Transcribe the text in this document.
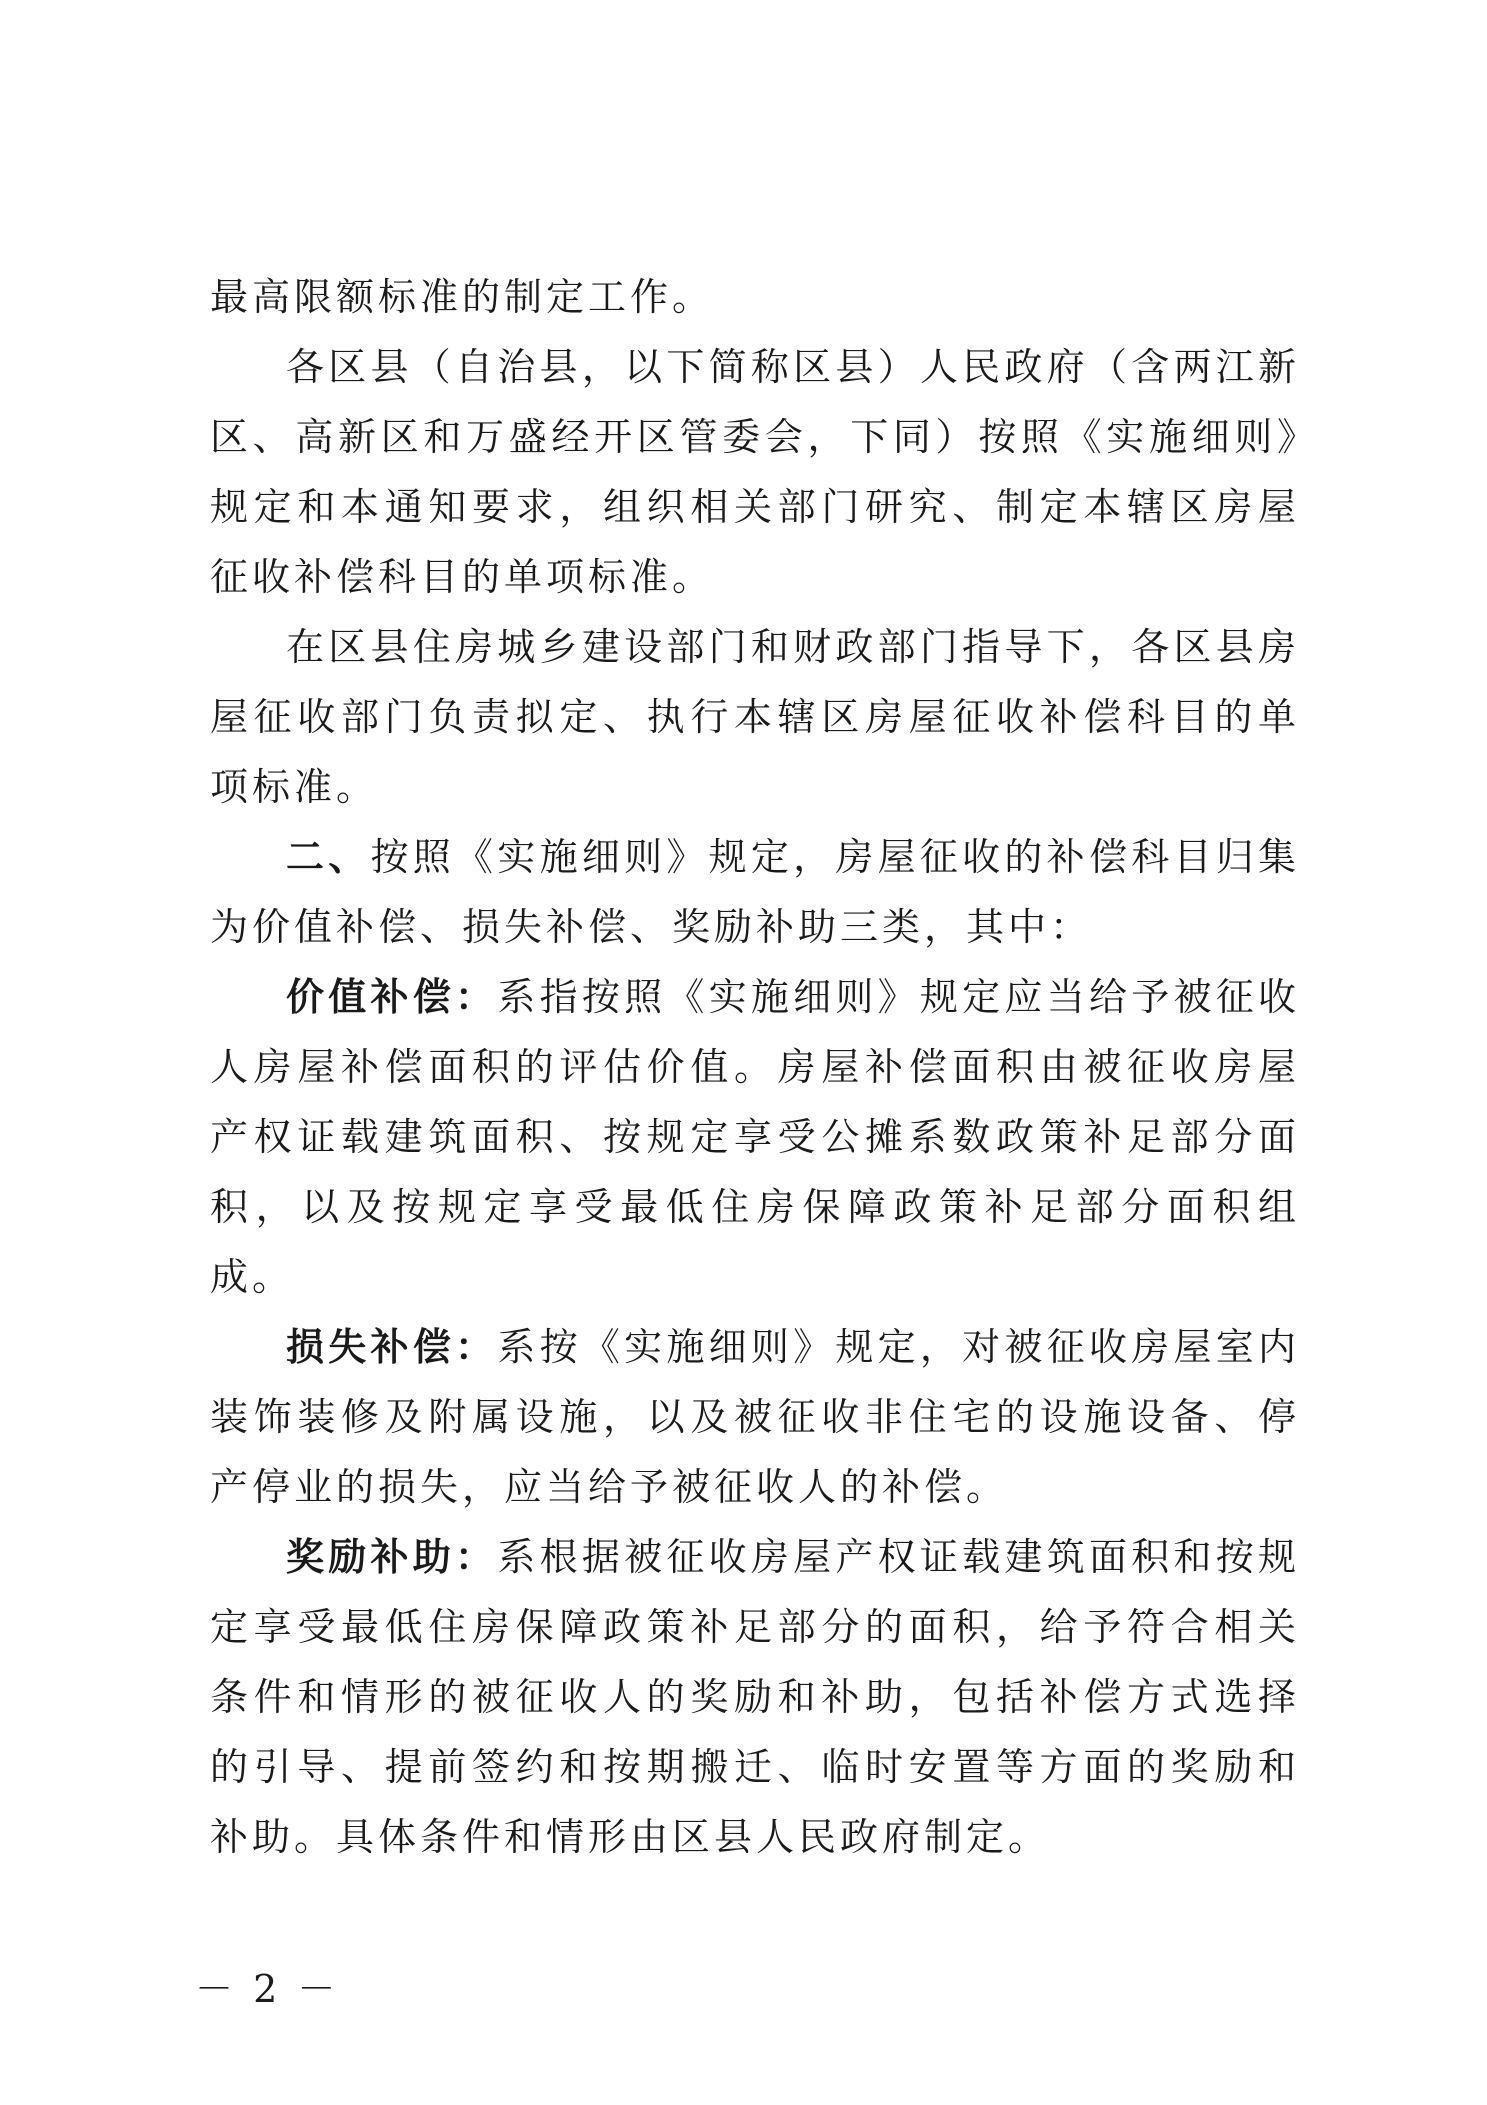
最高限额标准的制定工作。

各区县（自治县，以下简称区县）人民政府（含两江新区、高新区和万盛经开区管委会，下同）按照《实施细则》规定和本通知要求，组织相关部门研究、制定本辖区房屋征收补偿科目的单项标准。

在区县住房城乡建设部门和财政部门指导下，各区县房屋征收部门负责拟定、执行本辖区房屋征收补偿科目的单项标准。

二、按照《实施细则》规定，房屋征收的补偿科目归集为价值补偿、损失补偿、奖励补助三类，其中：

价值补偿：系指按照《实施细则》规定应当给予被征收人房屋补偿面积的评估价值。房屋补偿面积由被征收房屋产权证载建筑面积、按规定享受公摊系数政策补足部分面积，以及按规定享受最低住房保障政策补足部分面积组成。

损失补偿：系按《实施细则》规定，对被征收房屋室内装饰装修及附属设施，以及被征收非住宅的设施设备、停产停业的损失，应当给予被征收人的补偿。

奖励补助：系根据被征收房屋产权证载建筑面积和按规定享受最低住房保障政策补足部分的面积，给予符合相关条件和情形的被征收人的奖励和补助，包括补偿方式选择的引导、提前签约和按期搬迁、临时安置等方面的奖励和补助。具体条件和情形由区县人民政府制定。

－ 2 －
